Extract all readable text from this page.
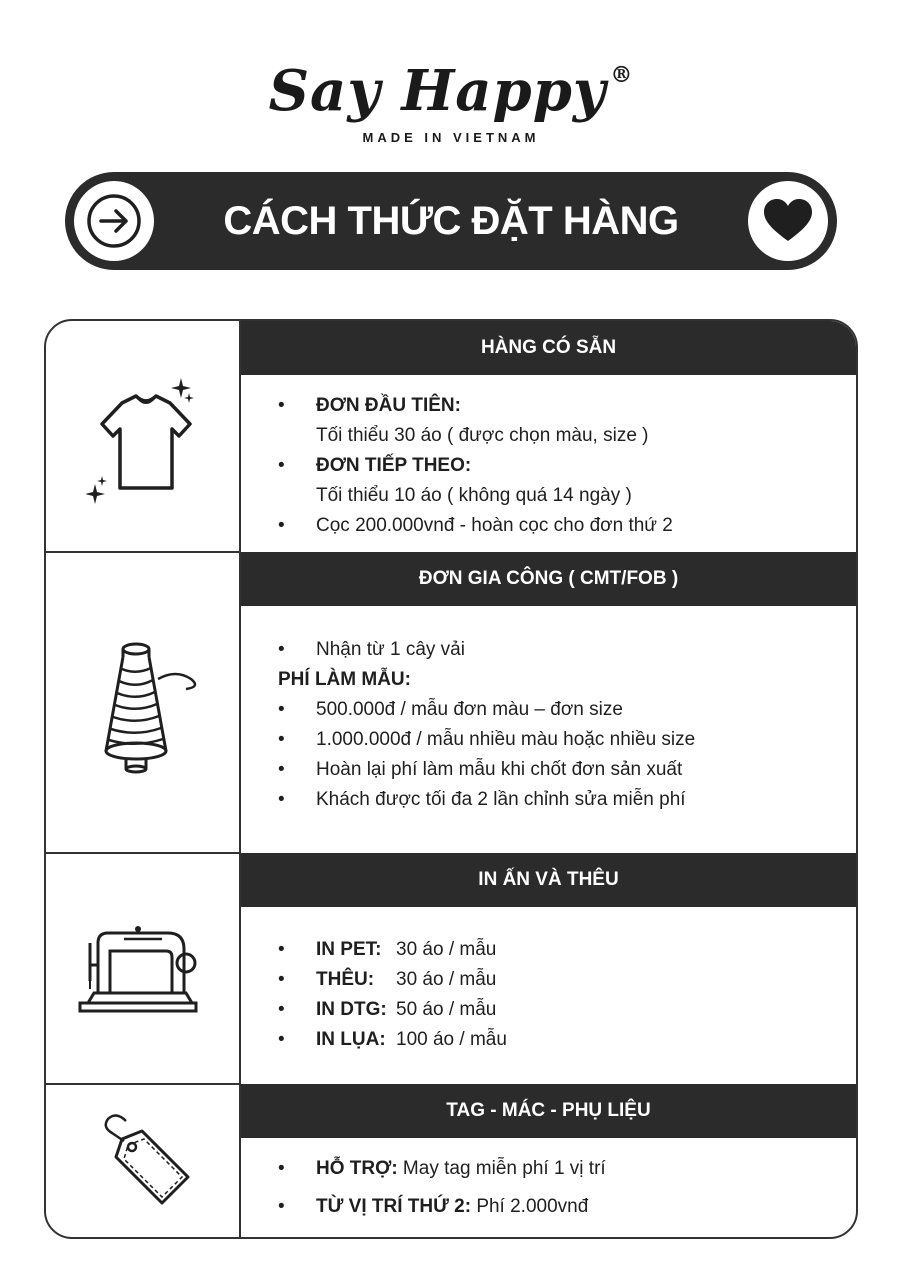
Say Happy ®
MADE IN VIETNAM
CÁCH THỨC ĐẶT HÀNG
HÀNG CÓ SẴN
• ĐƠN ĐẦU TIÊN:
Tối thiểu 30 áo ( được chọn màu, size )
• ĐƠN TIẾP THEO:
Tối thiểu 10 áo ( không quá 14 ngày )
• Cọc 200.000vnđ - hoàn cọc cho đơn thứ 2
ĐƠN GIA CÔNG ( CMT/FOB )
• Nhận từ 1 cây vải
PHÍ LÀM MẪU:
• 500.000đ / mẫu đơn màu – đơn size
• 1.000.000đ / mẫu nhiều màu hoặc nhiều size
• Hoàn lại phí làm mẫu khi chốt đơn sản xuất
• Khách được tối đa 2 lần chỉnh sửa miễn phí
IN ẤN VÀ THÊU
• IN PET: 30 áo / mẫu
• THÊU: 30 áo / mẫu
• IN DTG: 50 áo / mẫu
• IN LỤA: 100 áo / mẫu
TAG - MÁC - PHỤ LIỆU
• HỖ TRỢ: May tag miễn phí 1 vị trí
• TỪ VỊ TRÍ THỨ 2: Phí 2.000vnđ
